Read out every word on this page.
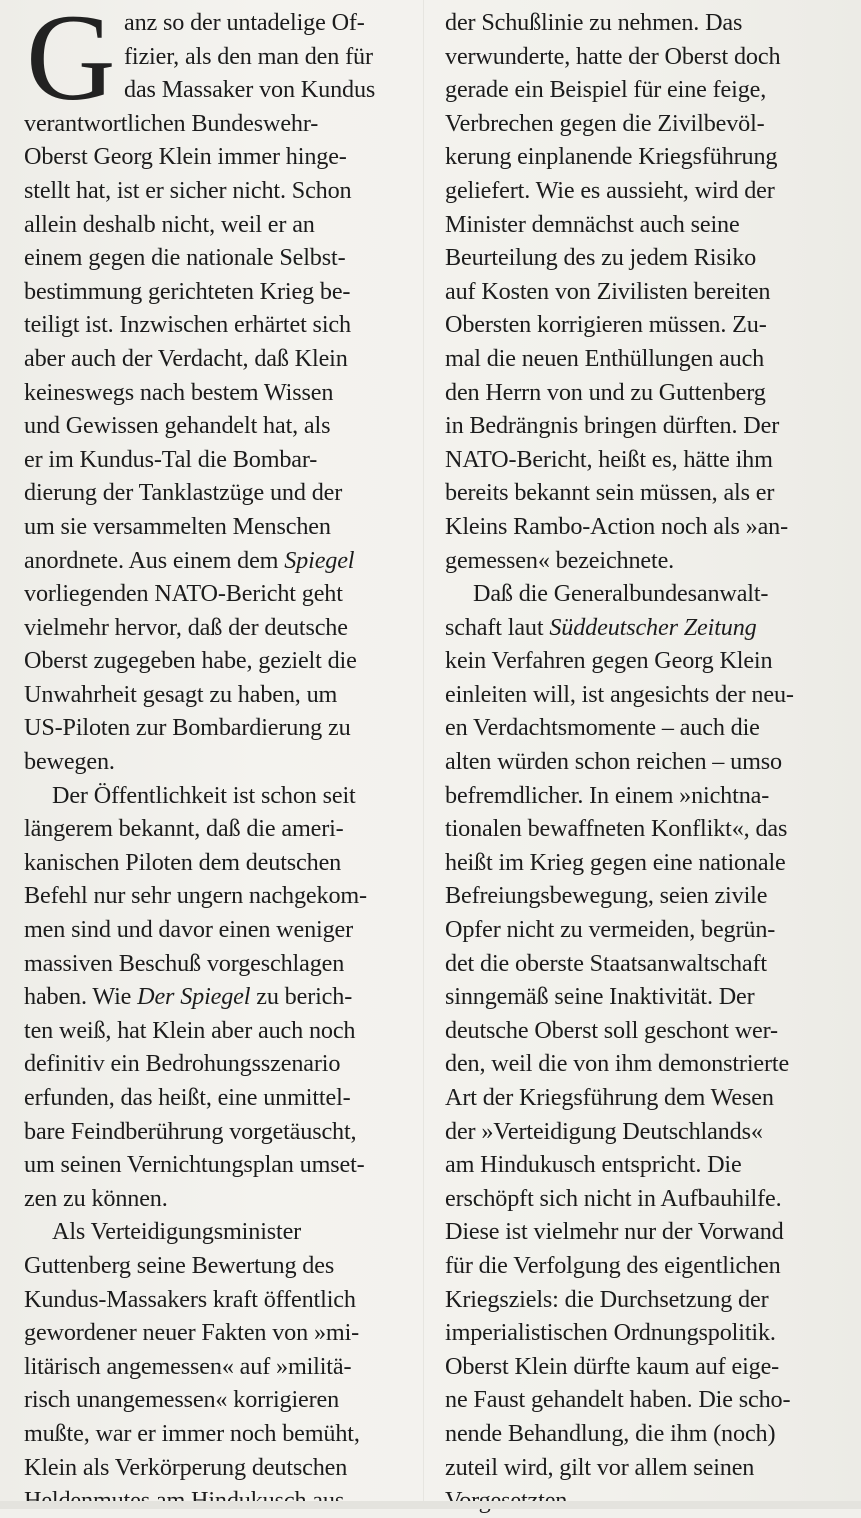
G anz so der untadelige Of-
fizier, als den man den für
das Massaker von Kundus
verantwortlichen Bundeswehr-
Oberst Georg Klein immer hinge-
stellt hat, ist er sicher nicht. Schon
allein deshalb nicht, weil er an
einem gegen die nationale Selbst-
bestimmung gerichteten Krieg be-
teiligt ist. Inzwischen erhärtet sich
aber auch der Verdacht, daß Klein
keineswegs nach bestem Wissen
und Gewissen gehandelt hat, als
er im Kundus-Tal die Bombar-
dierung der Tanklastzüge und der
um sie versammelten Menschen
anordnete. Aus einem dem Spiegel
vorliegenden NATO-Bericht geht
vielmehr hervor, daß der deutsche
Oberst zugegeben habe, gezielt die
Unwahrheit gesagt zu haben, um
US-Piloten zur Bombardierung zu
bewegen.
Der Öffentlichkeit ist schon seit
längerem bekannt, daß die ameri-
kanischen Piloten dem deutschen
Befehl nur sehr ungern nachgekom-
men sind und davor einen weniger
massiven Beschuß vorgeschlagen
haben. Wie Der Spiegel zu berich-
ten weiß, hat Klein aber auch noch
definitiv ein Bedrohungsszenario
erfunden, das heißt, eine unmittel-
bare Feindberührung vorgetäuscht,
um seinen Vernichtungsplan umset-
zen zu können.
Als Verteidigungsminister
Guttenberg seine Bewertung des
Kundus-Massakers kraft öffentlich
gewordener neuer Fakten von »mi-
litärisch angemessen« auf »militä-
risch unangemessen« korrigieren
mußte, war er immer noch bemüht,
Klein als Verkörperung deutschen
der Schußlinie zu nehmen. Das
verwunderte, hatte der Oberst doch
gerade ein Beispiel für eine feige,
Verbrechen gegen die Zivilbevöl-
kerung einplanende Kriegsführung
geliefert. Wie es aussieht, wird der
Minister demnächst auch seine
Beurteilung des zu jedem Risiko
auf Kosten von Zivilisten bereiten
Obersten korrigieren müssen. Zu-
mal die neuen Enthüllungen auch
den Herrn von und zu Guttenberg
in Bedrängnis bringen dürften. Der
NATO-Bericht, heißt es, hätte ihm
bereits bekannt sein müssen, als er
Kleins Rambo-Action noch als »an-
gemessen« bezeichnete.
Daß die Generalbundesanwalt-
schaft laut Süddeutscher Zeitung
kein Verfahren gegen Georg Klein
einleiten will, ist angesichts der neu-
en Verdachtsmomente – auch die
alten würden schon reichen – umso
befremdlicher. In einem »nichtna-
tionalen bewaffneten Konflikt«, das
heißt im Krieg gegen eine nationale
Befreiungsbewegung, seien zivile
Opfer nicht zu vermeiden, begrün-
det die oberste Staatsanwaltschaft
sinngemäß seine Inaktivität. Der
deutsche Oberst soll geschont wer-
den, weil die von ihm demonstrierte
Art der Kriegsführung dem Wesen
der »Verteidigung Deutschlands«
am Hindukusch entspricht. Die
erschöpft sich nicht in Aufbauhilfe.
Diese ist vielmehr nur der Vorwand
für die Verfolgung des eigentlichen
Kriegsziels: die Durchsetzung der
imperialistischen Ordnungspolitik.
Oberst Klein dürfte kaum auf eige-
ne Faust gehandelt haben. Die scho-
nende Behandlung, die ihm (noch)
zuteil wird, gilt vor allem seinen
